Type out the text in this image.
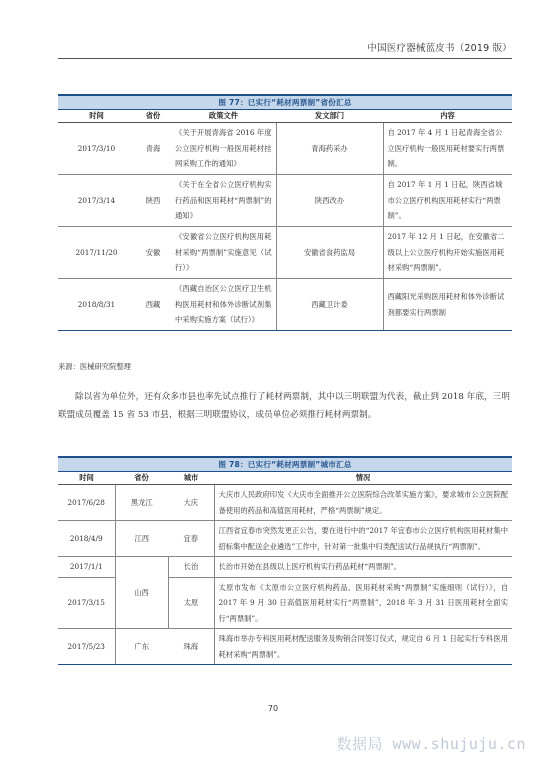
中国医疗器械蓝皮书（2019 版）
图 77：已实行“耗材两票制”省份汇总
时间	省份	政策文件	发文部门	内容
2017/3/10	青海	《关于开展青海省 2016 年度公立医疗机构一般医用耗材挂网采购工作的通知》	青海药采办	自 2017 年 4 月 1 日起青海全省公立医疗机构一般医用耗材要实行两票制。
2017/3/14	陕西	《关于在全省公立医疗机构实行药品和医用耗材“两票制”的通知》	陕西改办	自 2017 年 1 月 1 日起，陕西省城市公立医疗机构医用耗材实行“两票制”。
2017/11/20	安徽	《安徽省公立医疗机构医用耗材采购“两票制”实施意见（试行）》	安徽省食药监局	2017 年 12 月 1 日起，在安徽省二级以上公立医疗机构开始实施医用耗材采购“两票制”。
2018/8/31	西藏	《西藏自治区公立医疗卫生机构医用耗材和体外诊断试剂集中采购实施方案（试行）》	西藏卫计委	西藏阳光采购医用耗材和体外诊断试剂都要实行两票制
来源：医械研究院整理

除以省为单位外，还有众多市县也率先试点推行了耗材两票制，其中以三明联盟为代表，截止到 2018 年底，三明联盟成员覆盖 15 省 53 市县，根据三明联盟协议，成员单位必须推行耗材两票制。

图 78：已实行“耗材两票制”城市汇总
时间	省份	城市	情况
2017/6/28	黑龙江	大庆	大庆市人民政府印发《大庆市全面推开公立医院综合改革实施方案》，要求城市公立医院配备使用的药品和高值医用耗材，严格“两票制”规定。
2018/4/9	江西	宜春	江西省宜春市突然发更正公告，要在进行中的“2017 年宜春市公立医疗机构医用耗材集中招标集中配送企业遴选”工作中，针对第一批集中归类配送试行品规执行“两票制”。
2017/1/1	山西	长治	长治市开始在县级以上医疗机构实行药品耗材“两票制”。
2017/3/15		太原	太原市发布《太原市公立医疗机构药品、医用耗材采购“两票制”实施细则（试行）》，自 2017 年 9 月 30 日高值医用耗材实行“两票制”，2018 年 3 月 31 日医用耗材全面实行“两票制”。
2017/5/23	广东	珠海	珠海市举办专科医用耗材配送服务及购销合同签订仪式，规定自 6 月 1 日起实行专科医用耗材采购“两票制”。
70
数据局 www.shujuju.cn
